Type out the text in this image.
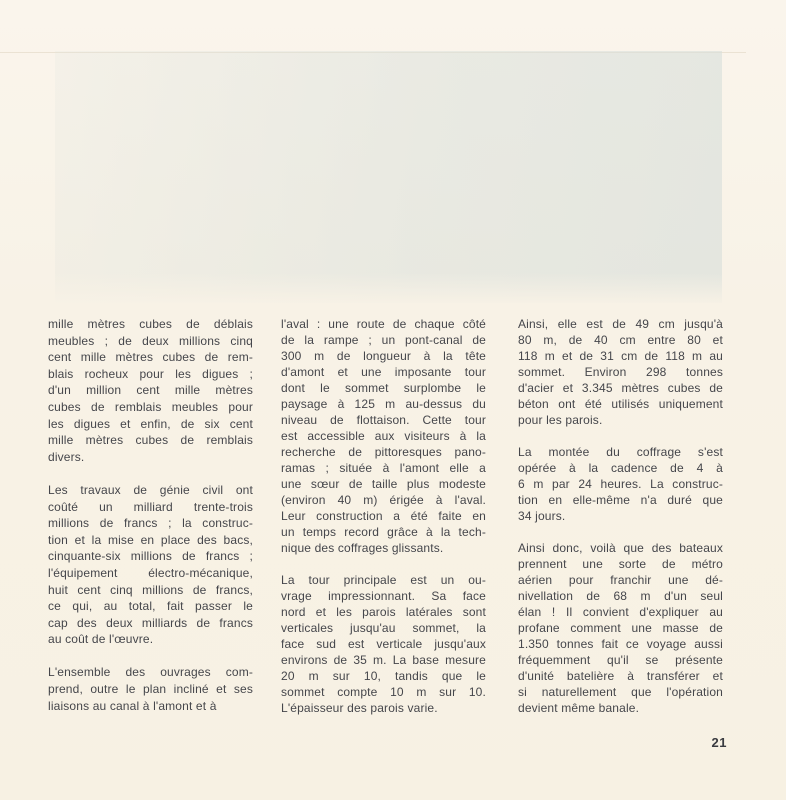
mille mètres cubes de déblais
meubles ; de deux millions cinq
cent mille mètres cubes de rem-
blais rocheux pour les digues ;
d'un million cent mille mètres
cubes de remblais meubles pour
les digues et enfin, de six cent
mille mètres cubes de remblais
divers.
Les travaux de génie civil ont
coûté un milliard trente-trois
millions de francs ; la construc-
tion et la mise en place des bacs,
cinquante-six millions de francs ;
l'équipement électro-mécanique,
huit cent cinq millions de francs,
ce qui, au total, fait passer le
cap des deux milliards de francs
au coût de l'œuvre.
L'ensemble des ouvrages com-
prend, outre le plan incliné et ses
liaisons au canal à l'amont et à
l'aval : une route de chaque côté
de la rampe ; un pont-canal de
300 m de longueur à la tête
d'amont et une imposante tour
dont le sommet surplombe le
paysage à 125 m au-dessus du
niveau de flottaison. Cette tour
est accessible aux visiteurs à la
recherche de pittoresques pano-
ramas ; située à l'amont elle a
une sœur de taille plus modeste
(environ 40 m) érigée à l'aval.
Leur construction a été faite en
un temps record grâce à la tech-
nique des coffrages glissants.
La tour principale est un ou-
vrage impressionnant. Sa face
nord et les parois latérales sont
verticales jusqu'au sommet, la
face sud est verticale jusqu'aux
environs de 35 m. La base mesure
20 m sur 10, tandis que le
sommet compte 10 m sur 10.
L'épaisseur des parois varie.
Ainsi, elle est de 49 cm jusqu'à
80 m, de 40 cm entre 80 et
118 m et de 31 cm de 118 m au
sommet. Environ 298 tonnes
d'acier et 3.345 mètres cubes de
béton ont été utilisés uniquement
pour les parois.
La montée du coffrage s'est
opérée à la cadence de 4 à
6 m par 24 heures. La construc-
tion en elle-même n'a duré que
34 jours.
Ainsi donc, voilà que des bateaux
prennent une sorte de métro
aérien pour franchir une dé-
nivellation de 68 m d'un seul
élan ! Il convient d'expliquer au
profane comment une masse de
1.350 tonnes fait ce voyage aussi
fréquemment qu'il se présente
d'unité batelière à transférer et
si naturellement que l'opération
devient même banale.
21
